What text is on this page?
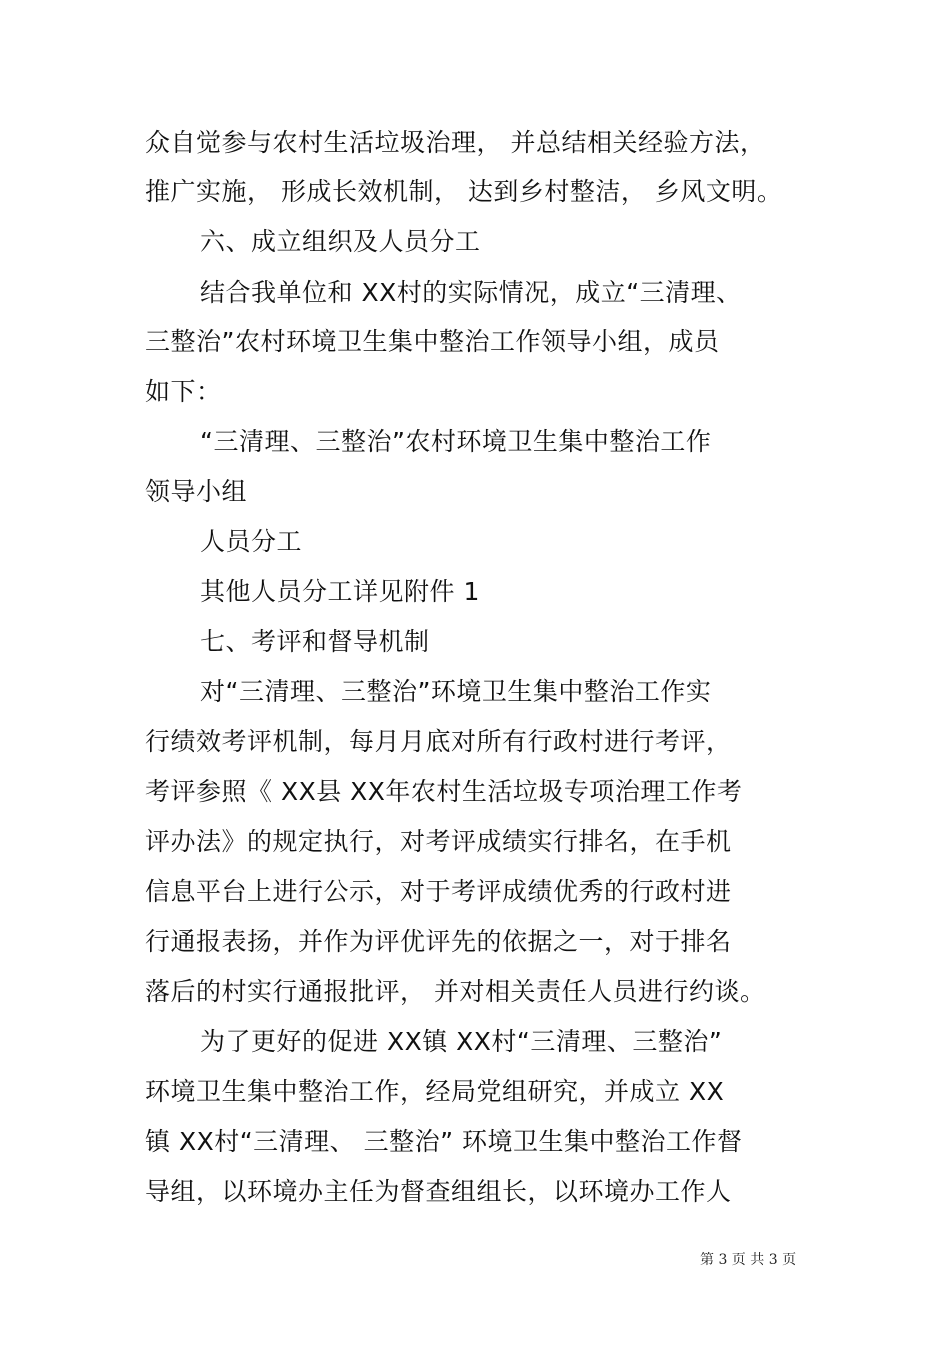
众自觉参与农村生活垃圾治理， 并总结相关经验方法，
推广实施， 形成长效机制， 达到乡村整洁， 乡风文明。
六、成立组织及人员分工
结合我单位和 XX村的实际情况，成立“三清理、
三整治”农村环境卫生集中整治工作领导小组，成员
如下：
“三清理、三整治”农村环境卫生集中整治工作
领导小组
人员分工
其他人员分工详见附件 1
七、考评和督导机制
对“三清理、三整治”环境卫生集中整治工作实
行绩效考评机制，每月月底对所有行政村进行考评，
考评参照《 XX县 XX年农村生活垃圾专项治理工作考
评办法》的规定执行，对考评成绩实行排名，在手机
信息平台上进行公示，对于考评成绩优秀的行政村进
行通报表扬，并作为评优评先的依据之一，对于排名
落后的村实行通报批评， 并对相关责任人员进行约谈。
为了更好的促进 XX镇 XX村“三清理、三整治”
环境卫生集中整治工作，经局党组研究，并成立 XX
镇 XX村“三清理、 三整治” 环境卫生集中整治工作督
导组，以环境办主任为督查组组长，以环境办工作人
第 3 页 共 3 页
